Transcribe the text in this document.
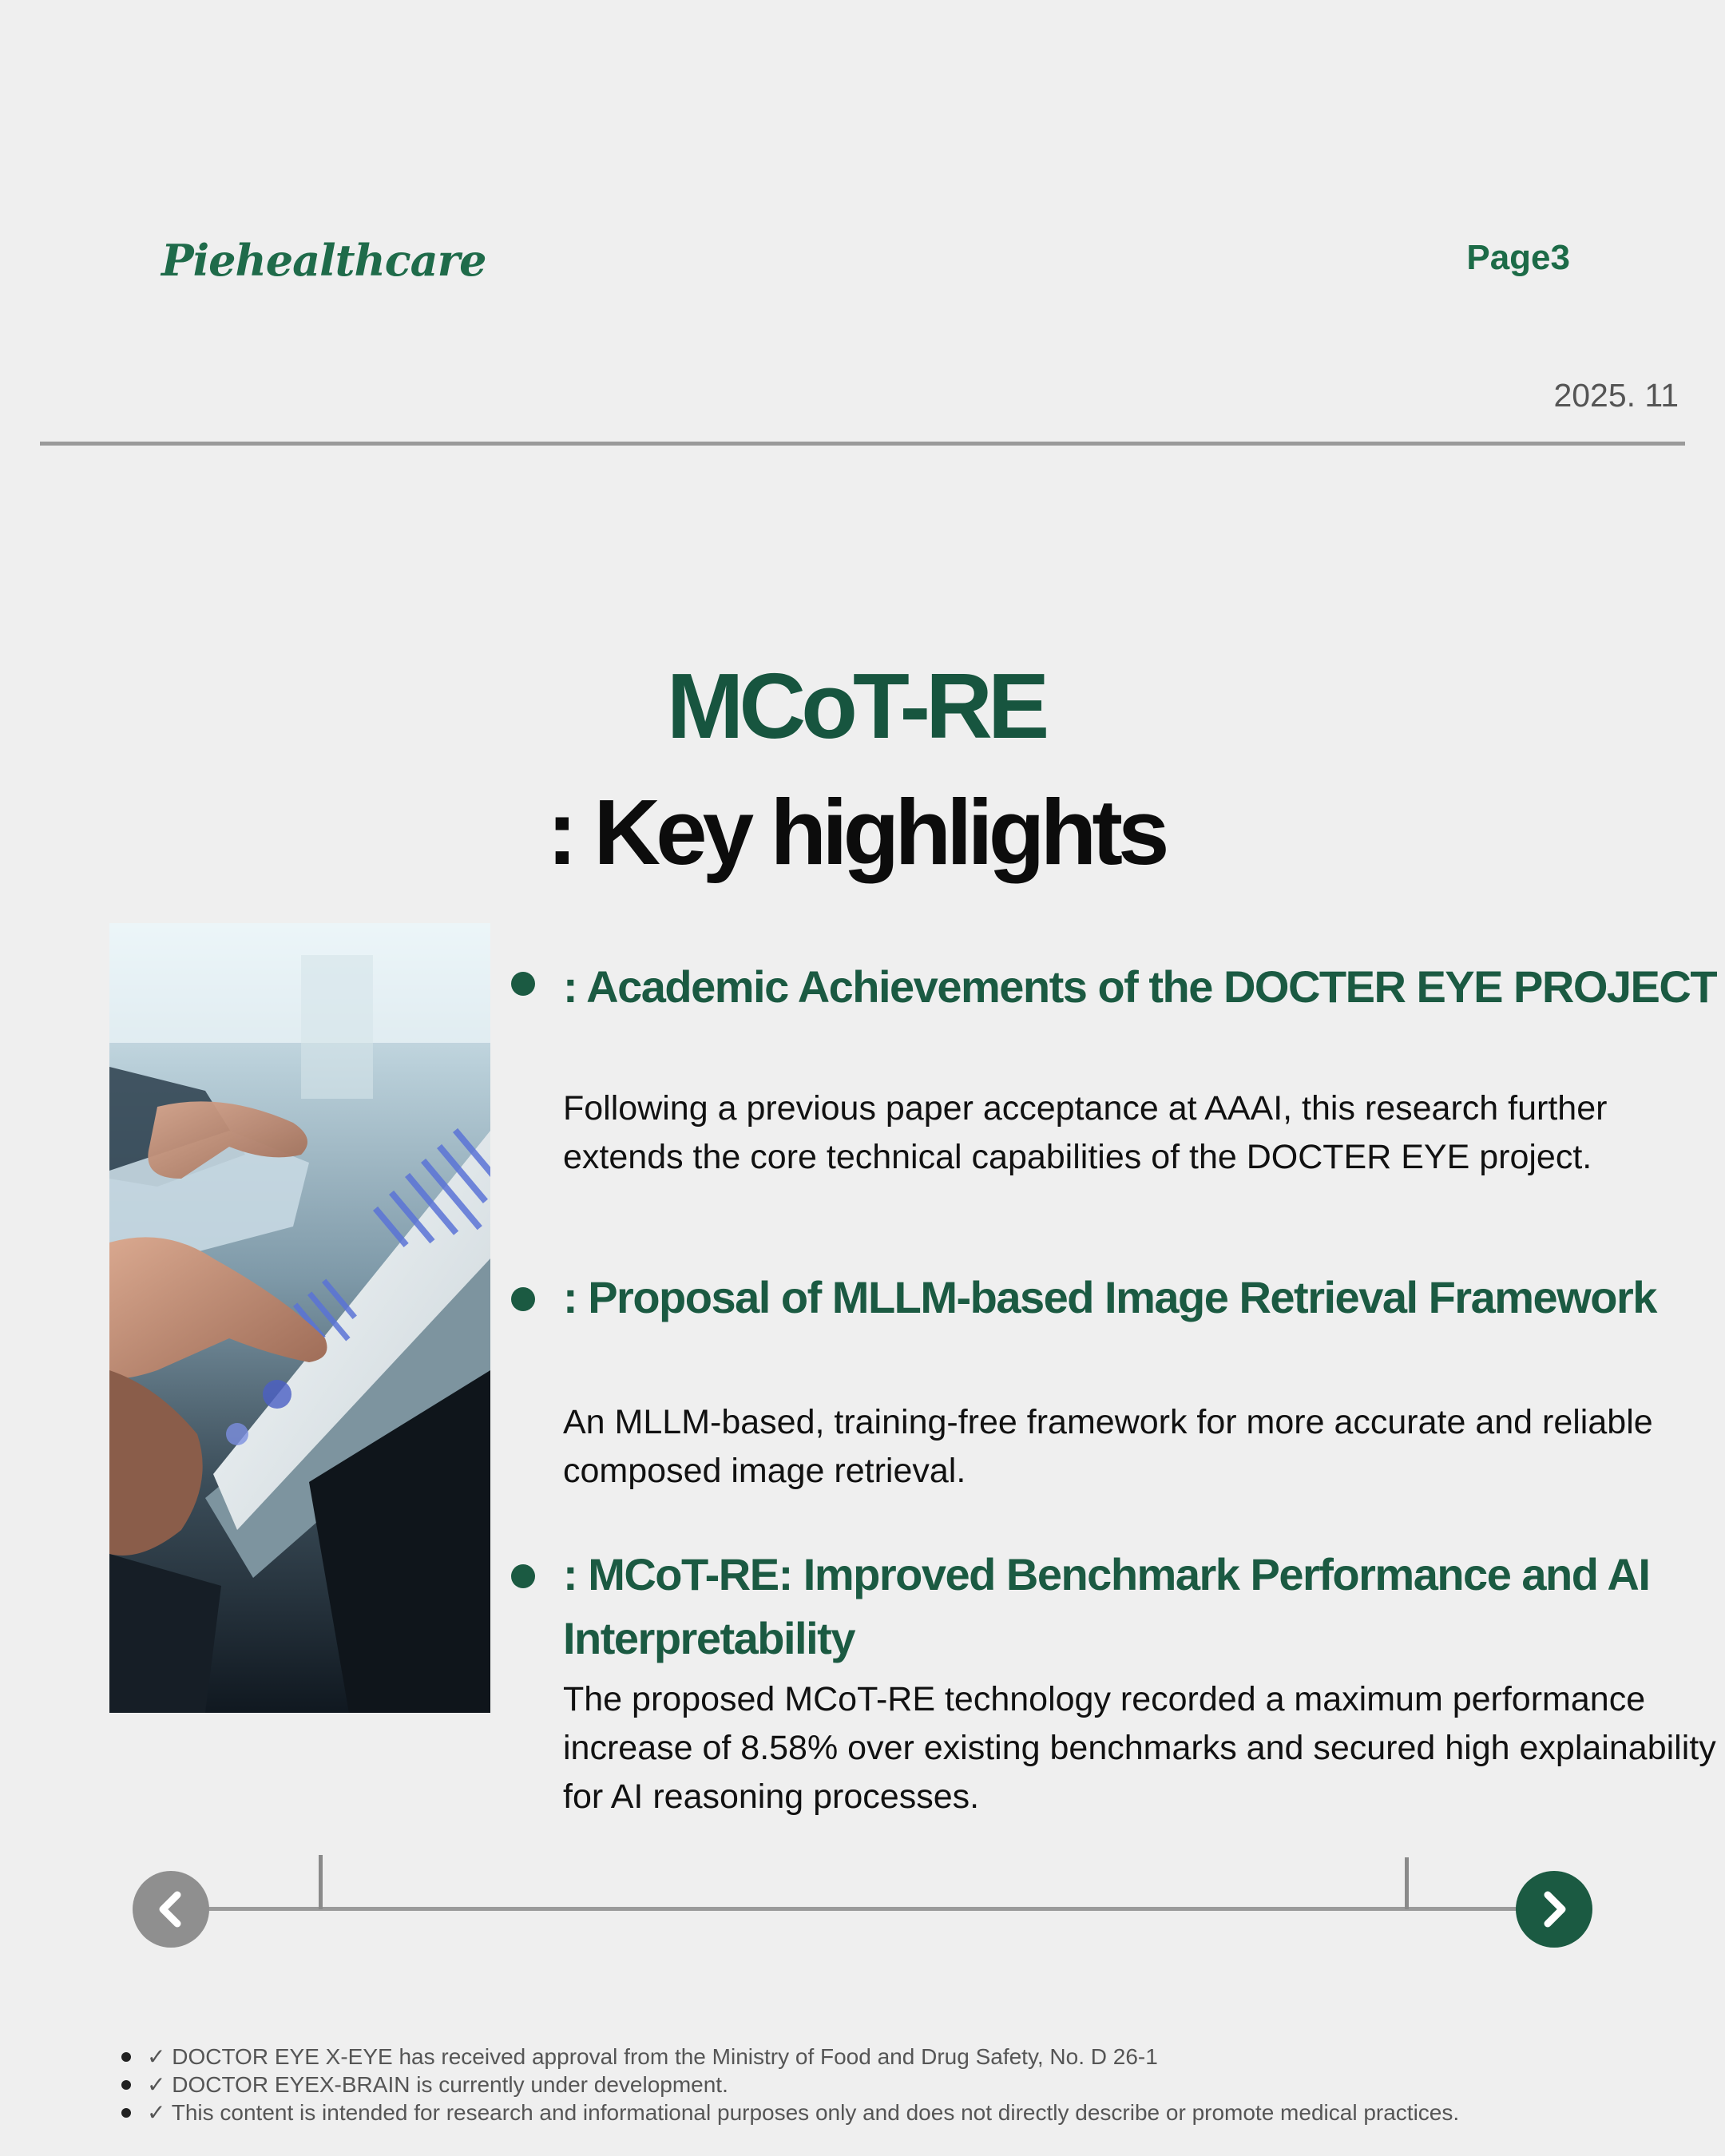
Piehealthcare	Page3
2025. 11
MCoT-RE
: Key highlights
: Academic Achievements of the DOCTER EYE PROJECT

Following a previous paper acceptance at AAAI, this research further extends the core technical capabilities of the DOCTER EYE project.

: Proposal of MLLM-based Image Retrieval Framework

An MLLM-based, training-free framework for more accurate and reliable composed image retrieval.

: MCoT-RE: Improved Benchmark Performance and AI Interpretability

The proposed MCoT-RE technology recorded a maximum performance increase of 8.58% over existing benchmarks and secured high explainability for AI reasoning processes.

✓ DOCTOR EYE X-EYE has received approval from the Ministry of Food and Drug Safety, No. D 26-1
✓ DOCTOR EYEX-BRAIN is currently under development.
✓ This content is intended for research and informational purposes only and does not directly describe or promote medical practices.
